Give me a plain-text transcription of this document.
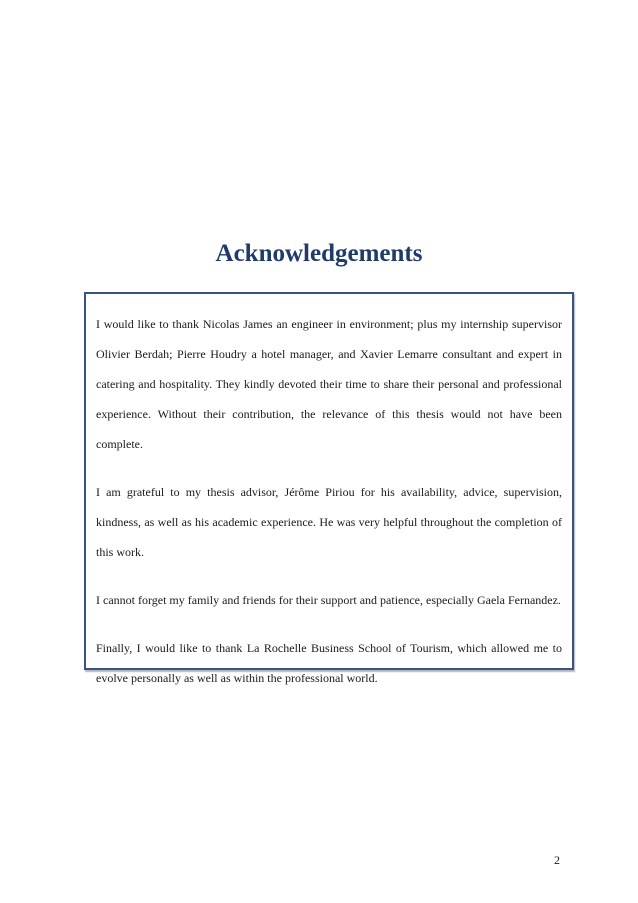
Acknowledgements

I would like to thank Nicolas James an engineer in environment; plus my internship supervisor Olivier Berdah; Pierre Houdry a hotel manager, and Xavier Lemarre consultant and expert in catering and hospitality. They kindly devoted their time to share their personal and professional experience. Without their contribution, the relevance of this thesis would not have been complete.

I am grateful to my thesis advisor, Jérôme Piriou for his availability, advice, supervision, kindness, as well as his academic experience. He was very helpful throughout the completion of this work.

I cannot forget my family and friends for their support and patience, especially Gaela Fernandez.

Finally, I would like to thank La Rochelle Business School of Tourism, which allowed me to evolve personally as well as within the professional world.

2
